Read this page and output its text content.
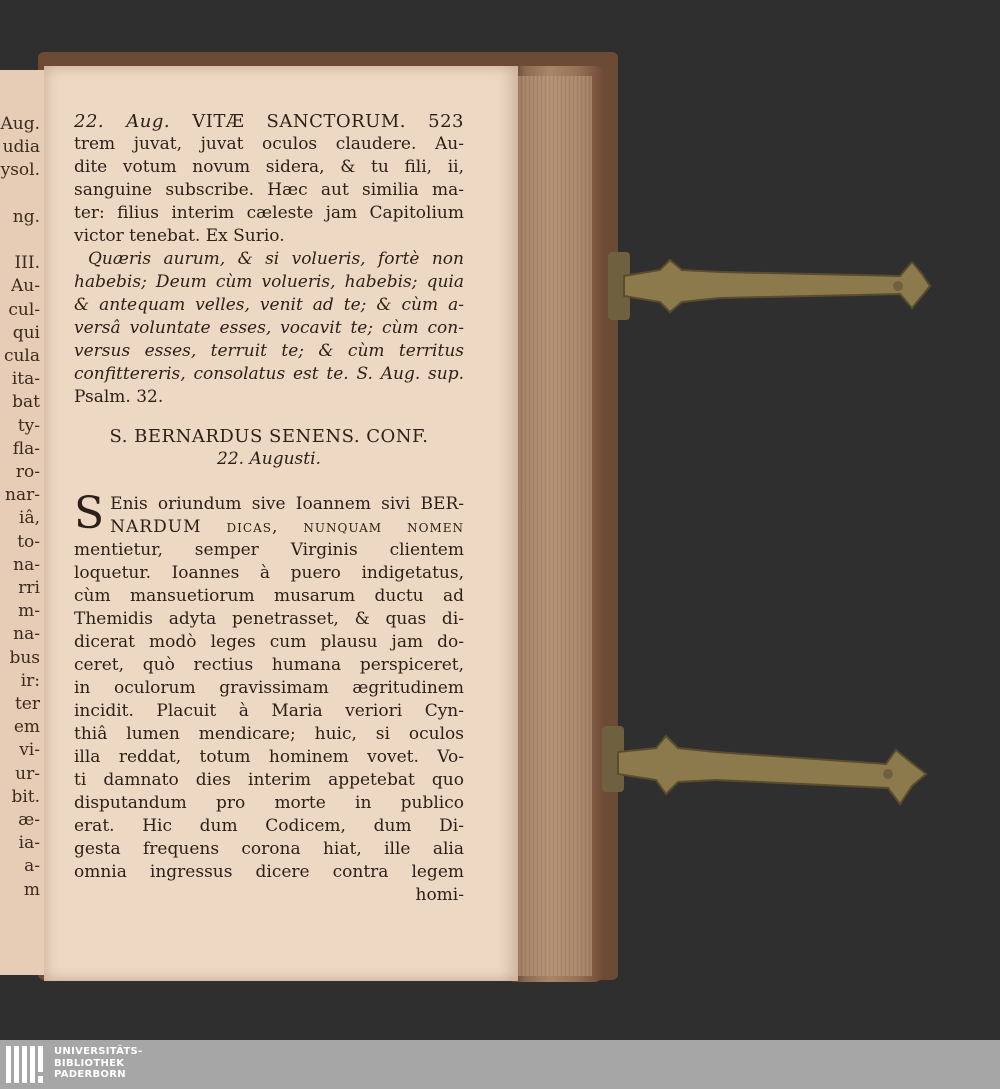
Aug.
udia
ysol.
ng.
III.
Au-
cul-
qui
cula
ita-
bat
ty-
fla-
ro-
nar-
iâ,
to-
na-
rri
m-
na-
bus
ir:
ter
em
vi-
ur-
bit.
æ-
ia-
a-
m
22. Aug. VITÆ SANCTORUM. 523
trem juvat, juvat oculos claudere. Au-
dite votum novum sidera, & tu fili, ii,
sanguine subscribe. Hæc aut similia ma-
ter: filius interim cæleste jam Capitolium
victor tenebat. Ex Surio.
Quæris aurum, & si volueris, fortè non
habebis; Deum cùm volueris, habebis; quia
& antequam velles, venit ad te; & cùm a-
versâ voluntate esses, vocavit te; cùm con-
versus esses, terruit te; & cùm territus
confittereris, consolatus est te. S. Aug. sup.
Psalm. 32.
S. BERNARDUS SENENS. CONF.
22. Augusti.
S Enis oriundum sive Ioannem sivi BER-
NARDUM dicas, nunquam nomen
mentietur, semper Virginis clientem
loquetur. Ioannes à puero indigetatus,
cùm mansuetiorum musarum ductu ad
Themidis adyta penetrasset, & quas di-
dicerat modò leges cum plausu jam do-
ceret, quò rectius humana perspiceret,
in oculorum gravissimam ægritudinem
incidit. Placuit à Maria veriori Cyn-
thiâ lumen mendicare; huic, si oculos
illa reddat, totum hominem vovet. Vo-
ti damnato dies interim appetebat quo
disputandum pro morte in publico
erat. Hic dum Codicem, dum Di-
gesta frequens corona hiat, ille alia
omnia ingressus dicere contra legem
homi-
UNIVERSITÄTS-
BIBLIOTHEK
PADERBORN
